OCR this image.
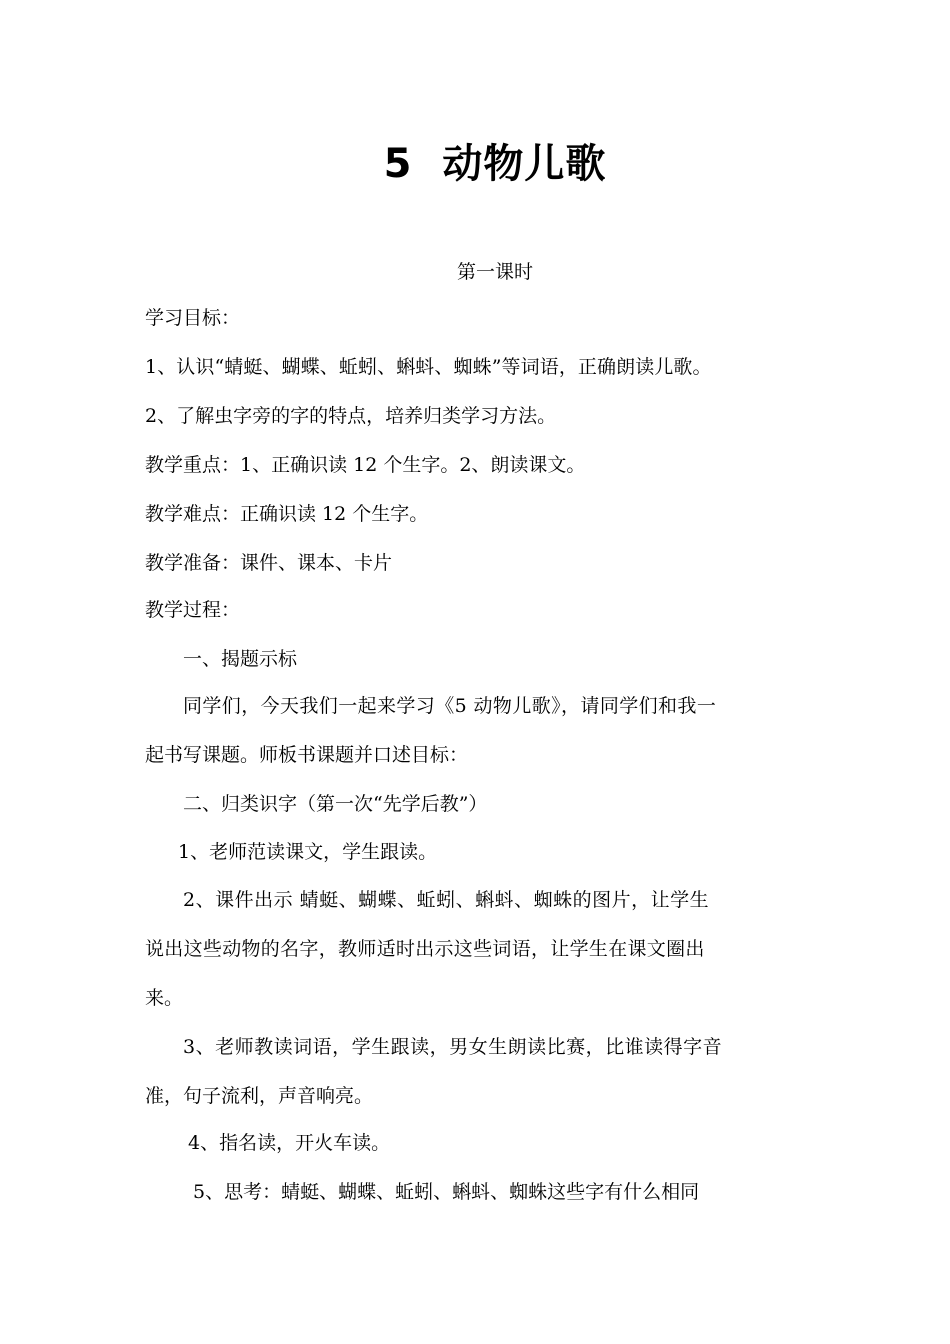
5 动物儿歌
第一课时
学习目标：
1、认识“蜻蜓、蝴蝶、蚯蚓、蝌蚪、蜘蛛”等词语，正确朗读儿歌。
2、了解虫字旁的字的特点，培养归类学习方法。
教学重点：1、正确识读 12 个生字。2、朗读课文。
教学难点：正确识读 12 个生字。
教学准备：课件、课本、卡片
教学过程：
一、揭题示标
同学们，今天我们一起来学习《5 动物儿歌》，请同学们和我一
起书写课题。师板书课题并口述目标：
二、归类识字（第一次“先学后教”）
1、老师范读课文，学生跟读。
2、课件出示 蜻蜓、蝴蝶、蚯蚓、蝌蚪、蜘蛛的图片，让学生
说出这些动物的名字，教师适时出示这些词语，让学生在课文圈出
来。
3、老师教读词语，学生跟读，男女生朗读比赛，比谁读得字音
准，句子流利，声音响亮。
4、指名读，开火车读。
5、思考：蜻蜓、蝴蝶、蚯蚓、蝌蚪、蜘蛛这些字有什么相同
